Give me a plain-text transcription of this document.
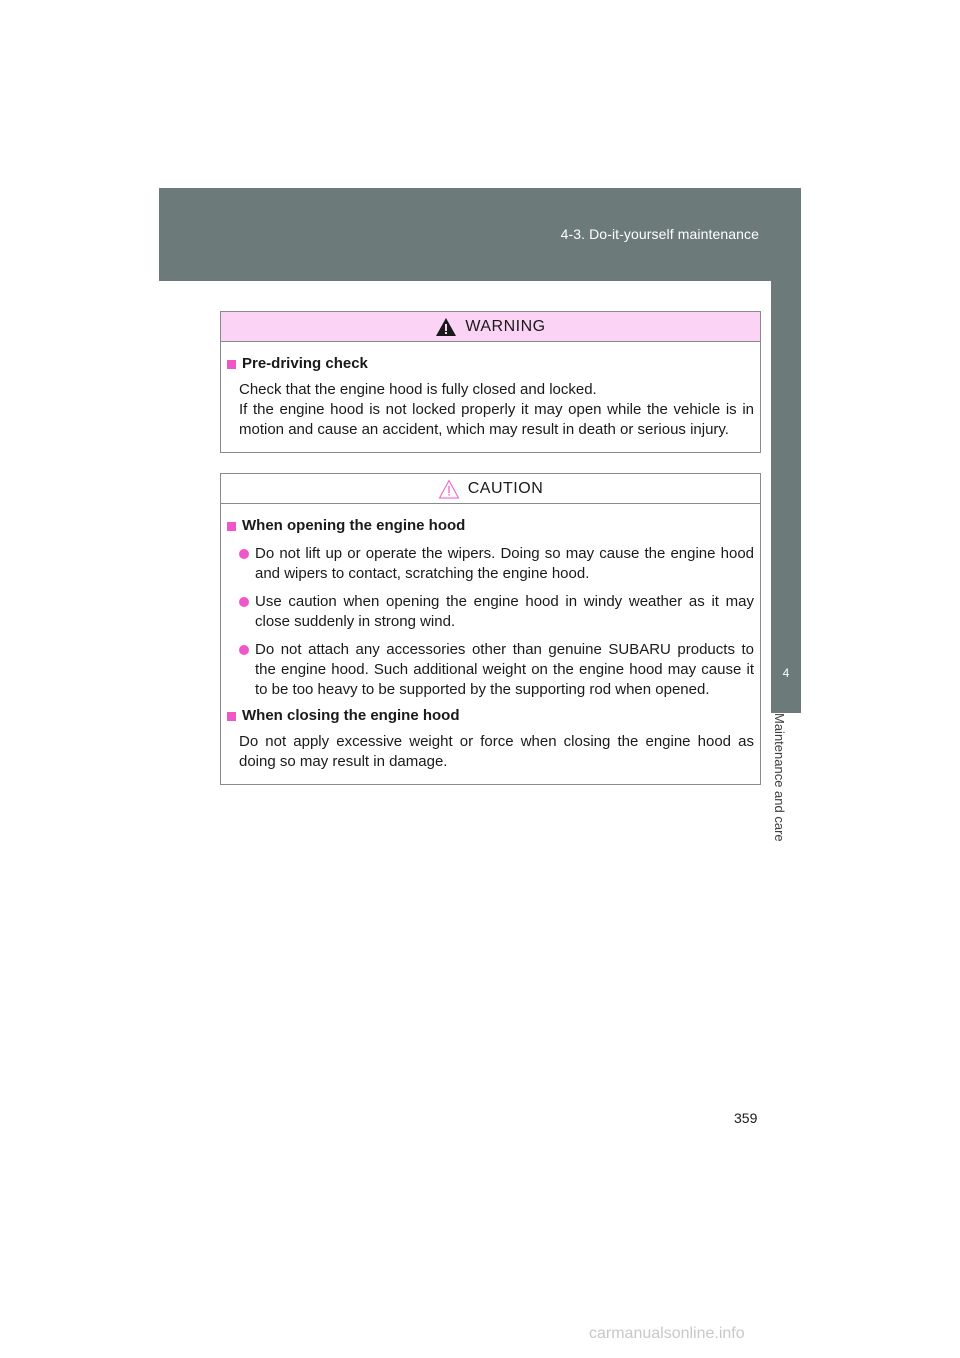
4-3. Do-it-yourself maintenance
4
Maintenance and care
WARNING
Pre-driving check
Check that the engine hood is fully closed and locked.
If the engine hood is not locked properly it may open while the vehicle is in motion and cause an accident, which may result in death or serious injury.
CAUTION
When opening the engine hood
Do not lift up or operate the wipers. Doing so may cause the engine hood and wipers to contact, scratching the engine hood.
Use caution when opening the engine hood in windy weather as it may close suddenly in strong wind.
Do not attach any accessories other than genuine SUBARU products to the engine hood. Such additional weight on the engine hood may cause it to be too heavy to be supported by the supporting rod when opened.
When closing the engine hood
Do not apply excessive weight or force when closing the engine hood as doing so may result in damage.
359
carmanualsonline.info
